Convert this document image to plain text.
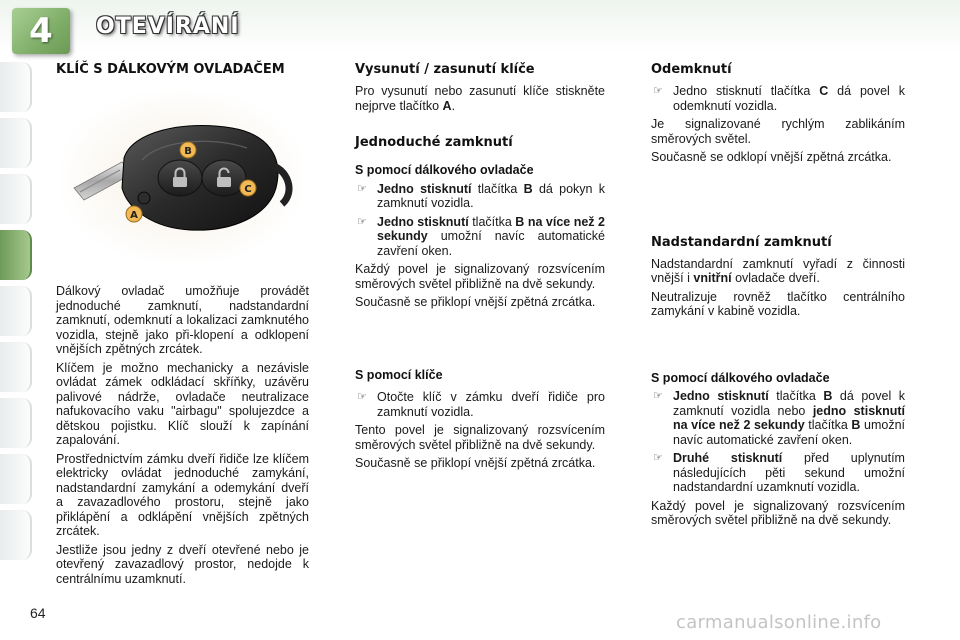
4 OTEVÍRÁNÍ
KLÍČ S DÁLKOVÝM OVLADAČEM
A
B
C

Dálkový ovladač umožňuje provádět jednoduché zamknutí, nadstandardní zamknutí, odemknutí a lokalizaci zamknutého vozidla, stejně jako při-klopení a odklopení vnějších zpětných zrcátek.

Klíčem je možno mechanicky a nezávisle ovládat zámek odkládací skříňky, uzávěru palivové nádrže, ovladače neutralizace nafukovacího vaku "airbagu" spolujezdce a dětskou pojistku. Klíč slouží k zapínání zapalování.

Prostřednictvím zámku dveří řidiče lze klíčem elektricky ovládat jednoduché zamykání, nadstandardní zamykání a odemykání dveří a zavazadlového prostoru, stejně jako přiklápění a odklápění vnějších zpětných zrcátek.

Jestliže jsou jedny z dveří otevřené nebo je otevřený zavazadlový prostor, nedojde k centrálnímu uzamknutí.

Vysunutí / zasunutí klíče

Pro vysunutí nebo zasunutí klíče stiskněte nejprve tlačítko A.

Jednoduché zamknutí
S pomocí dálkového ovladače
☞ Jedno stisknutí tlačítka B dá pokyn k zamknutí vozidla.
☞ Jedno stisknutí tlačítka B na více než 2 sekundy umožní navíc automatické zavření oken.

Každý povel je signalizovaný rozsvícením směrových světel přibližně na dvě sekundy.

Současně se přiklopí vnější zpětná zrcátka.

S pomocí klíče
☞ Otočte klíč v zámku dveří řidiče pro zamknutí vozidla.

Tento povel je signalizovaný rozsvícením směrových světel přibližně na dvě sekundy.

Současně se přiklopí vnější zpětná zrcátka.

Odemknutí
☞ Jedno stisknutí tlačítka C dá povel k odemknutí vozidla.

Je signalizované rychlým zablikáním směrových světel.

Současně se odklopí vnější zpětná zrcátka.

Nadstandardní zamknutí

Nadstandardní zamknutí vyřadí z činnosti vnější i vnitřní ovladače dveří.

Neutralizuje rovněž tlačítko centrálního zamykání v kabině vozidla.

S pomocí dálkového ovladače
☞ Jedno stisknutí tlačítka B dá povel k zamknutí vozidla nebo jedno stisknutí na více než 2 sekundy tlačítka B umožní navíc automatické zavření oken.
☞ Druhé stisknutí před uplynutím následujících pěti sekund umožní nadstandardní uzamknutí vozidla.

Každý povel je signalizovaný rozsvícením směrových světel přibližně na dvě sekundy.

64	carmanualsonline.info
